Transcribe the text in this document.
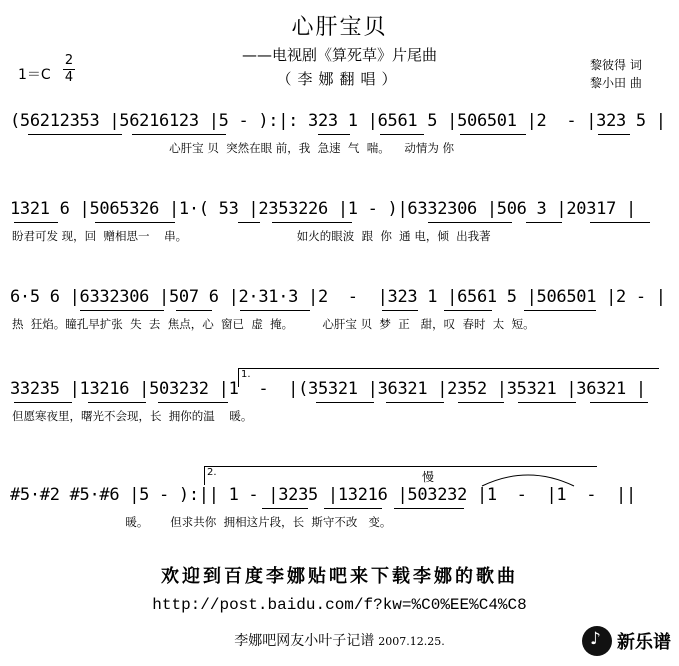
心肝宝贝
——电视剧《算死草》片尾曲
（李娜翻唱）
黎彼得 词
黎小田 曲
1＝C
2
4
(56212353 |56216123 |5 - ):|: 323 1 |6561 5 |506501 |2  - |323 5 |
心肝宝 贝  突然在眼 前，我  急速  气  喘。    动情为 你
1321 6 |5065326 |1·( 53 |2353226 |1 - )|6332306 |506 3 |20317 |
盼君可发 现，回  赠相思一    串。                              如火的眼波  跟  你  通 电，倾  出我著
6·5 6 |6332306 |507 6 |2·31·3 |2  -  |323 1 |6561 5 |506501 |2 - |
热  狂焰。瞳孔早扩张  失  去  焦点，心  窗已  虚  掩。        心肝宝 贝  梦  正   甜，叹  春时  太  短。
33235 |13216 |503232 |1  -  |(35321 |36321 |2352 |35321 |36321 |
但愿寒夜里，曙光不会现，长  拥你的温    暖。
1.
#5·#2 #5·#6 |5 - ):|| 1 - |3235 |13216 |503232 |1  -  |1  -  ||
暖。      但求共你  拥相这片段，长  斯守不改   变。
2.	慢
欢迎到百度李娜贴吧来下载李娜的歌曲
http://post.baidu.com/f?kw=%C0%EE%C4%C8
李娜吧网友小叶子记谱 2007.12.25.
♪	新乐谱
